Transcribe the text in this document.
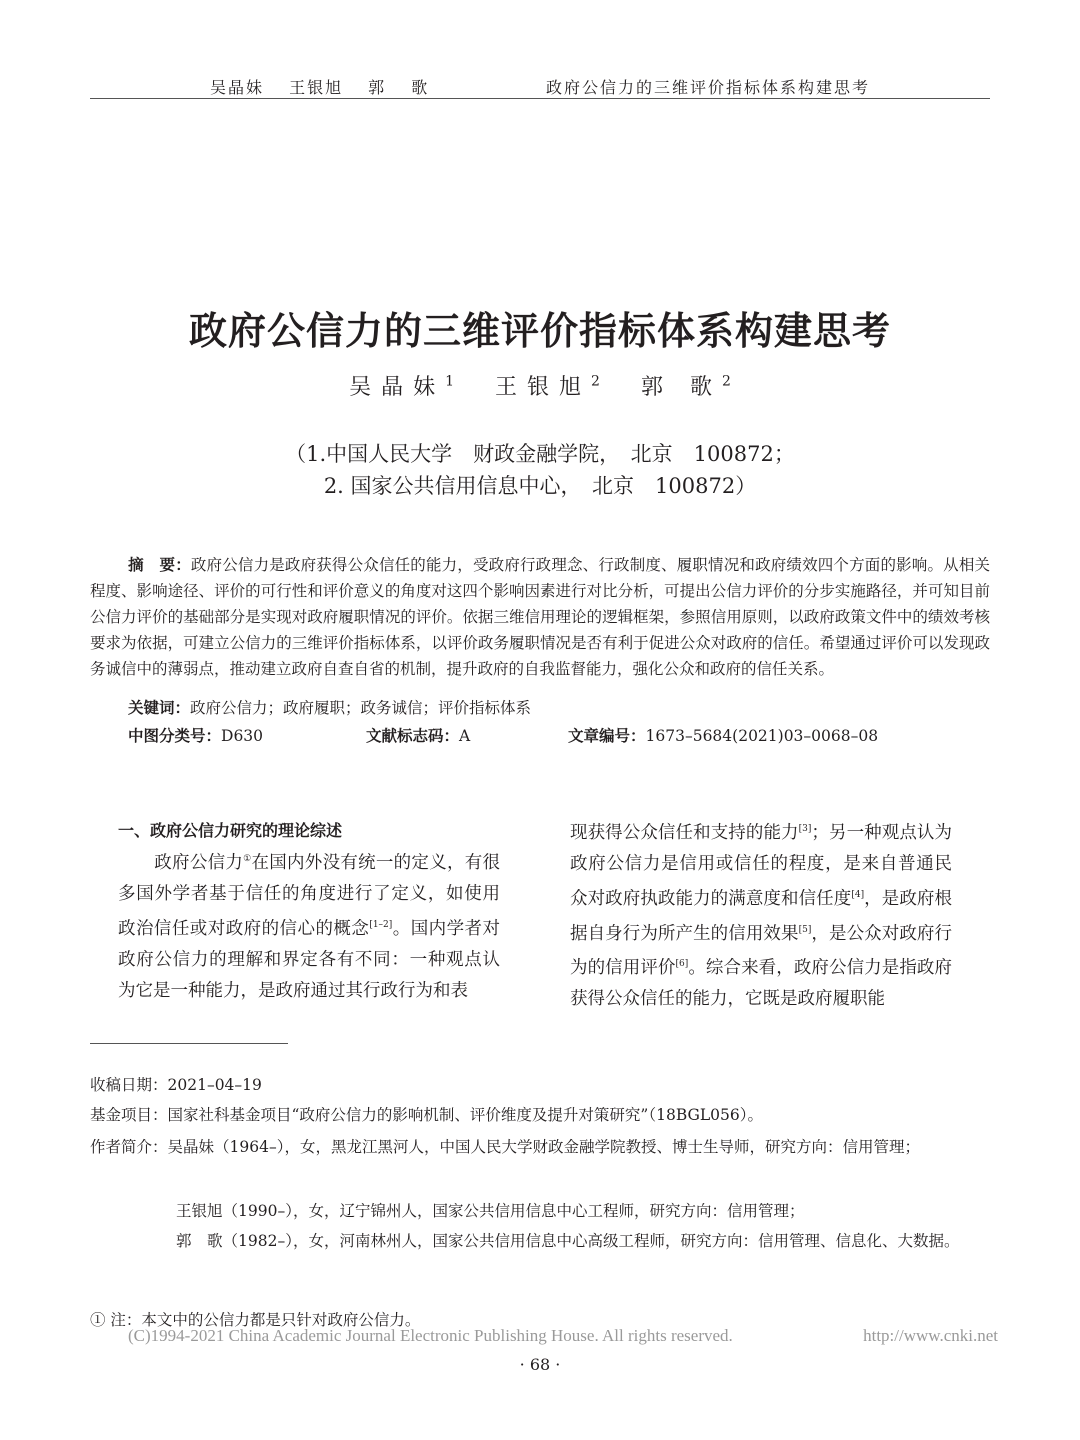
吴晶妹 王银旭 郭 歌	政府公信力的三维评价指标体系构建思考
政府公信力的三维评价指标体系构建思考
吴晶妹$^1$ 王银旭$^2$ 郭 歌$^2$
（1.中国人民大学　财政金融学院，　北京　100872；
2. 国家公共信用信息中心，　北京　100872）
摘　要：政府公信力是政府获得公众信任的能力，受政府行政理念、行政制度、履职情况和政府绩效四个方面的影响。从相关程度、影响途径、评价的可行性和评价意义的角度对这四个影响因素进行对比分析，可提出公信力评价的分步实施路径，并可知目前公信力评价的基础部分是实现对政府履职情况的评价。依据三维信用理论的逻辑框架，参照信用原则，以政府政策文件中的绩效考核要求为依据，可建立公信力的三维评价指标体系，以评价政务履职情况是否有利于促进公众对政府的信任。希望通过评价可以发现政务诚信中的薄弱点，推动建立政府自查自省的机制，提升政府的自我监督能力，强化公众和政府的信任关系。
关键词：政府公信力；政府履职；政务诚信；评价指标体系
中图分类号：D630	文献标志码：A	文章编号：1673–5684(2021)03–0068–08
一、政府公信力研究的理论综述
政府公信力①在国内外没有统一的定义，有很多国外学者基于信任的角度进行了定义，如使用政治信任或对政府的信心的概念[1–2]。国内学者对政府公信力的理解和界定各有不同：一种观点认为它是一种能力，是政府通过其行政行为和表
现获得公众信任和支持的能力[3]；另一种观点认为政府公信力是信用或信任的程度，是来自普通民众对政府执政能力的满意度和信任度[4]，是政府根据自身行为所产生的信用效果[5]，是公众对政府行为的信用评价[6]。综合来看，政府公信力是指政府获得公众信任的能力，它既是政府履职能
收稿日期：2021–04–19
基金项目：国家社科基金项目“政府公信力的影响机制、评价维度及提升对策研究”（18BGL056）。
作者简介：吴晶妹（1964–），女，黑龙江黑河人，中国人民大学财政金融学院教授、博士生导师，研究方向：信用管理；
王银旭（1990–），女，辽宁锦州人，国家公共信用信息中心工程师，研究方向：信用管理；
郭　歌（1982–），女，河南林州人，国家公共信用信息中心高级工程师，研究方向：信用管理、信息化、大数据。
① 注：本文中的公信力都是只针对政府公信力。
(C)1994-2021 China Academic Journal Electronic Publishing House. All rights reserved.	http://www.cnki.net
· 68 ·
